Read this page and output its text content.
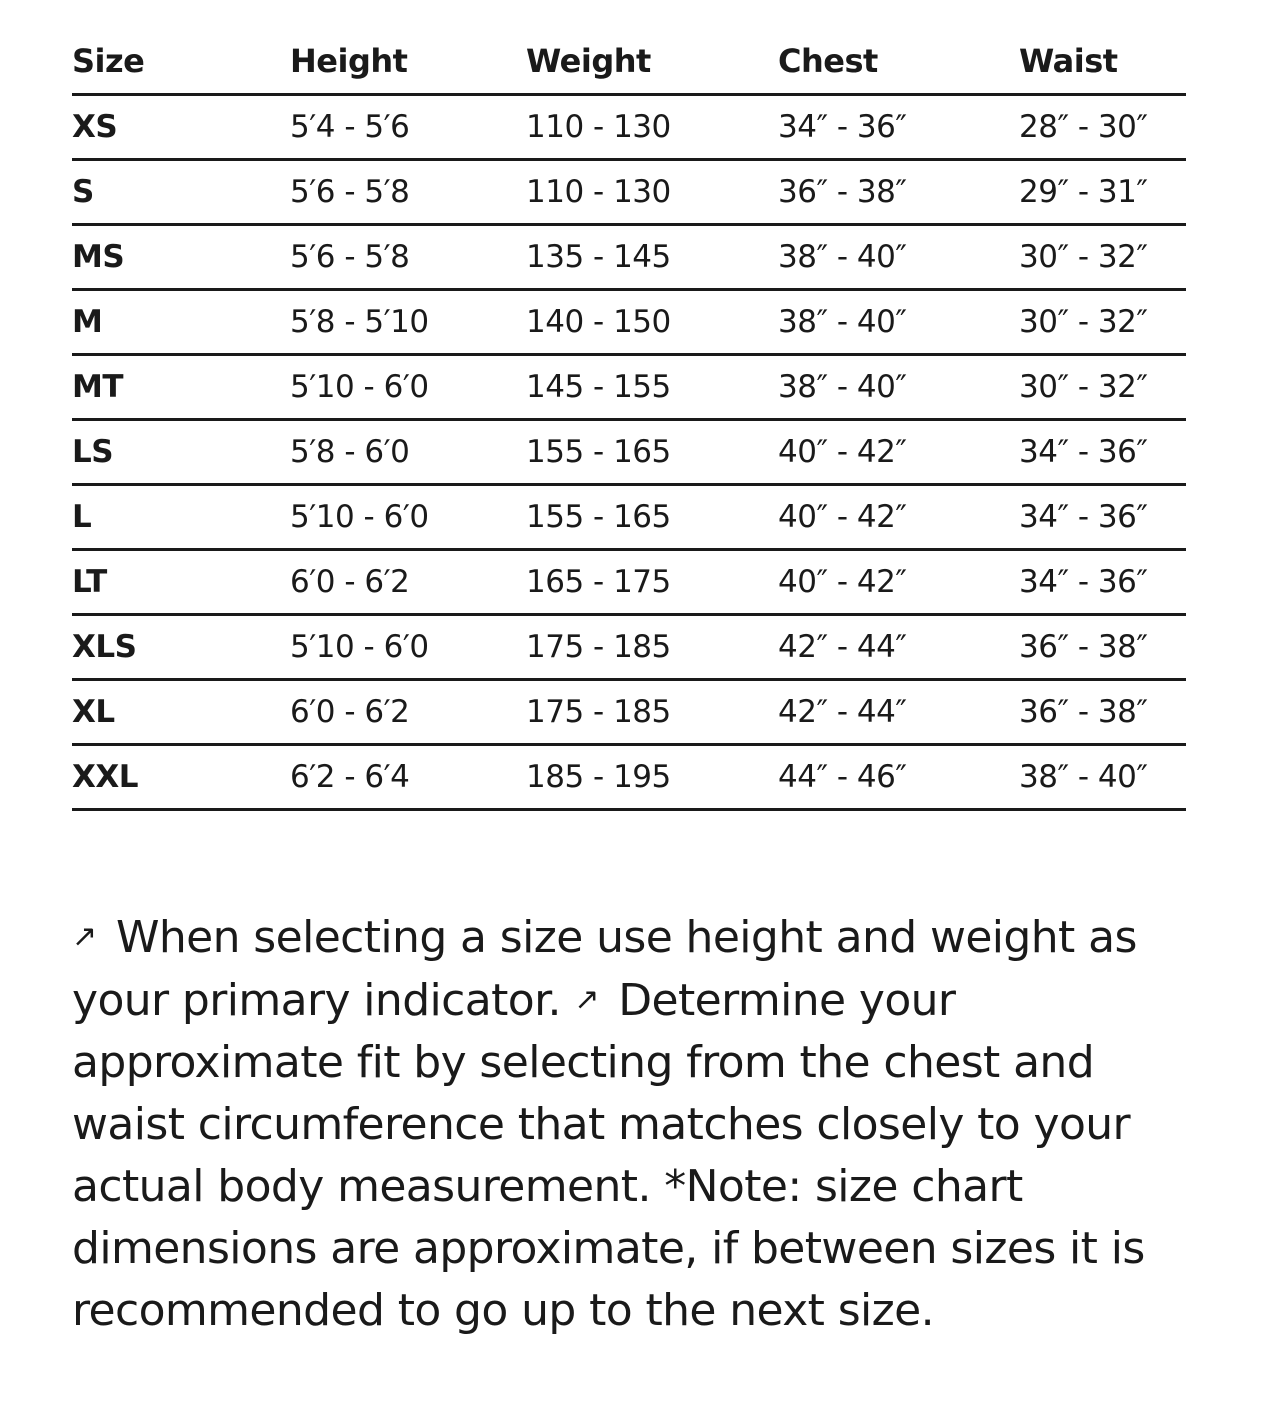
Size	Height	Weight	Chest	Waist
XS	5′4 - 5′6	110 - 130	34″ - 36″	28″ - 30″
S	5′6 - 5′8	110 - 130	36″ - 38″	29″ - 31″
MS	5′6 - 5′8	135 - 145	38″ - 40″	30″ - 32″
M	5′8 - 5′10	140 - 150	38″ - 40″	30″ - 32″
MT	5′10 - 6′0	145 - 155	38″ - 40″	30″ - 32″
LS	5′8 - 6′0	155 - 165	40″ - 42″	34″ - 36″
L	5′10 - 6′0	155 - 165	40″ - 42″	34″ - 36″
LT	6′0 - 6′2	165 - 175	40″ - 42″	34″ - 36″
XLS	5′10 - 6′0	175 - 185	42″ - 44″	36″ - 38″
XL	6′0 - 6′2	175 - 185	42″ - 44″	36″ - 38″
XXL	6′2 - 6′4	185 - 195	44″ - 46″	38″ - 40″

↗ When selecting a size use height and weight as your primary indicator. ↗ Determine your approximate fit by selecting from the chest and waist circumference that matches closely to your actual body measurement. *Note: size chart dimensions are approximate, if between sizes it is recommended to go up to the next size.
